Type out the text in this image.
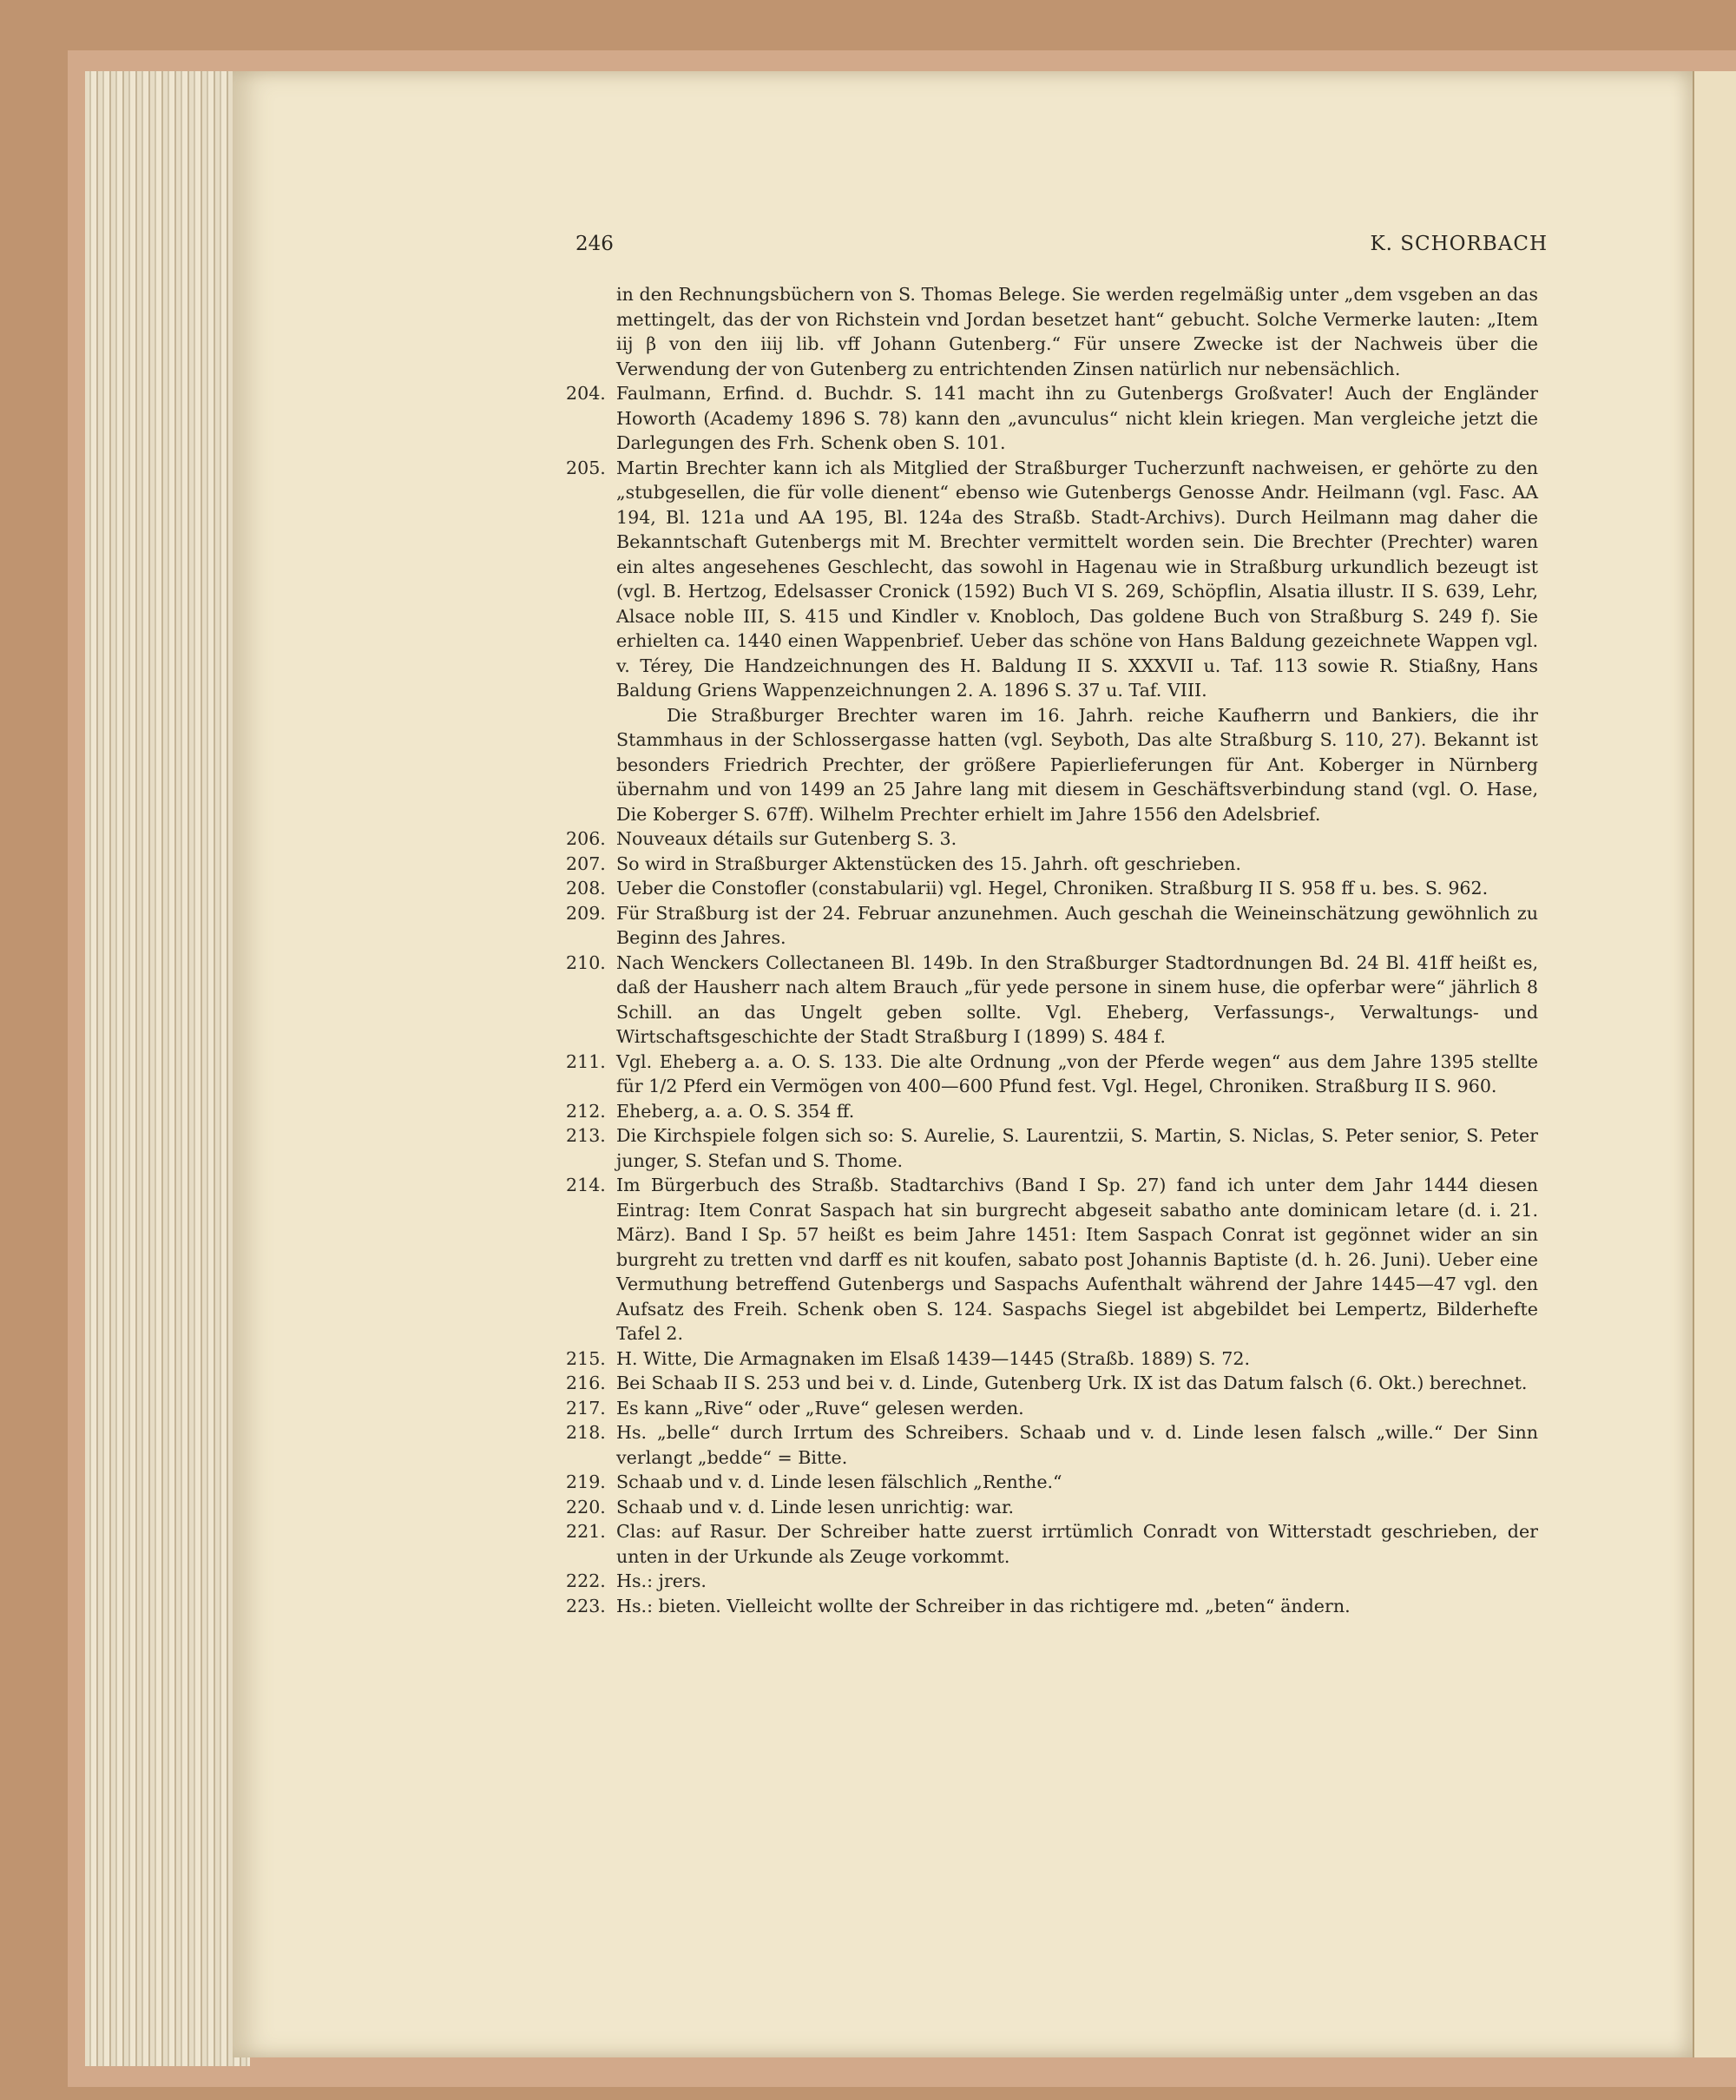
246	K. SCHORBACH
in den Rechnungsbüchern von S. Thomas Belege. Sie werden regelmäßig unter „dem vsgeben an das mettingelt, das der von Richstein vnd Jordan besetzet hant“ gebucht. Solche Vermerke lauten: „Item iij β von den iiij lib. vff Johann Gutenberg.“ Für unsere Zwecke ist der Nachweis über die Verwendung der von Gutenberg zu entrichtenden Zinsen natürlich nur nebensächlich.
204. Faulmann, Erfind. d. Buchdr. S. 141 macht ihn zu Gutenbergs Großvater! Auch der Engländer Howorth (Academy 1896 S. 78) kann den „avunculus“ nicht klein kriegen. Man vergleiche jetzt die Darlegungen des Frh. Schenk oben S. 101.
205. Martin Brechter kann ich als Mitglied der Straßburger Tucherzunft nachweisen, er gehörte zu den „stubgesellen, die für volle dienent“ ebenso wie Gutenbergs Genosse Andr. Heilmann (vgl. Fasc. AA 194, Bl. 121a und AA 195, Bl. 124a des Straßb. Stadt-Archivs). Durch Heilmann mag daher die Bekanntschaft Gutenbergs mit M. Brechter vermittelt worden sein. Die Brechter (Prechter) waren ein altes angesehenes Geschlecht, das sowohl in Hagenau wie in Straßburg urkundlich bezeugt ist (vgl. B. Hertzog, Edelsasser Cronick (1592) Buch VI S. 269, Schöpflin, Alsatia illustr. II S. 639, Lehr, Alsace noble III, S. 415 und Kindler v. Knobloch, Das goldene Buch von Straßburg S. 249 f). Sie erhielten ca. 1440 einen Wappenbrief. Ueber das schöne von Hans Baldung gezeichnete Wappen vgl. v. Térey, Die Handzeichnungen des H. Baldung II S. XXXVII u. Taf. 113 sowie R. Stiaßny, Hans Baldung Griens Wappenzeichnungen 2. A. 1896 S. 37 u. Taf. VIII.
Die Straßburger Brechter waren im 16. Jahrh. reiche Kaufherrn und Bankiers, die ihr Stammhaus in der Schlossergasse hatten (vgl. Seyboth, Das alte Straßburg S. 110, 27). Bekannt ist besonders Friedrich Prechter, der größere Papierlieferungen für Ant. Koberger in Nürnberg übernahm und von 1499 an 25 Jahre lang mit diesem in Geschäftsverbindung stand (vgl. O. Hase, Die Koberger S. 67ff). Wilhelm Prechter erhielt im Jahre 1556 den Adelsbrief.
206. Nouveaux détails sur Gutenberg S. 3.
207. So wird in Straßburger Aktenstücken des 15. Jahrh. oft geschrieben.
208. Ueber die Constofler (constabularii) vgl. Hegel, Chroniken. Straßburg II S. 958 ff u. bes. S. 962.
209. Für Straßburg ist der 24. Februar anzunehmen. Auch geschah die Weineinschätzung gewöhnlich zu Beginn des Jahres.
210. Nach Wenckers Collectaneen Bl. 149b. In den Straßburger Stadtordnungen Bd. 24 Bl. 41ff heißt es, daß der Hausherr nach altem Brauch „für yede persone in sinem huse, die opferbar were“ jährlich 8 Schill. an das Ungelt geben sollte. Vgl. Eheberg, Verfassungs-, Verwaltungs- und Wirtschaftsgeschichte der Stadt Straßburg I (1899) S. 484 f.
211. Vgl. Eheberg a. a. O. S. 133. Die alte Ordnung „von der Pferde wegen“ aus dem Jahre 1395 stellte für 1/2 Pferd ein Vermögen von 400—600 Pfund fest. Vgl. Hegel, Chroniken. Straßburg II S. 960.
212. Eheberg, a. a. O. S. 354 ff.
213. Die Kirchspiele folgen sich so: S. Aurelie, S. Laurentzii, S. Martin, S. Niclas, S. Peter senior, S. Peter junger, S. Stefan und S. Thome.
214. Im Bürgerbuch des Straßb. Stadtarchivs (Band I Sp. 27) fand ich unter dem Jahr 1444 diesen Eintrag: Item Conrat Saspach hat sin burgrecht abgeseit sabatho ante dominicam letare (d. i. 21. März). Band I Sp. 57 heißt es beim Jahre 1451: Item Saspach Conrat ist gegönnet wider an sin burgreht zu tretten vnd darff es nit koufen, sabato post Johannis Baptiste (d. h. 26. Juni). Ueber eine Vermuthung betreffend Gutenbergs und Saspachs Aufenthalt während der Jahre 1445—47 vgl. den Aufsatz des Freih. Schenk oben S. 124. Saspachs Siegel ist abgebildet bei Lempertz, Bilderhefte Tafel 2.
215. H. Witte, Die Armagnaken im Elsaß 1439—1445 (Straßb. 1889) S. 72.
216. Bei Schaab II S. 253 und bei v. d. Linde, Gutenberg Urk. IX ist das Datum falsch (6. Okt.) berechnet.
217. Es kann „Rive“ oder „Ruve“ gelesen werden.
218. Hs. „belle“ durch Irrtum des Schreibers. Schaab und v. d. Linde lesen falsch „wille.“ Der Sinn verlangt „bedde“ = Bitte.
219. Schaab und v. d. Linde lesen fälschlich „Renthe.“
220. Schaab und v. d. Linde lesen unrichtig: war.
221. Clas: auf Rasur. Der Schreiber hatte zuerst irrtümlich Conradt von Witterstadt geschrieben, der unten in der Urkunde als Zeuge vorkommt.
222. Hs.: jrers.
223. Hs.: bieten. Vielleicht wollte der Schreiber in das richtigere md. „beten“ ändern.
